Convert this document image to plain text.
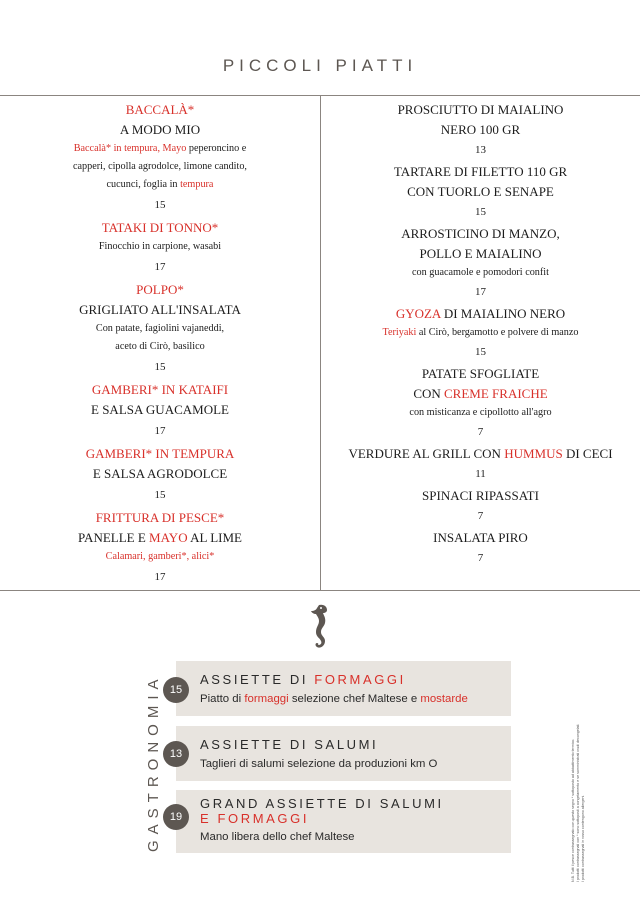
PICCOLI PIATTI
BACCALÀ*
A MODO MIO
Baccalà* in tempura, Mayo peperoncino e
capperi, cipolla agrodolce, limone candito,
cucunci, foglia in tempura
15
TATAKI DI TONNO*
Finocchio in carpione, wasabi
17
POLPO*
GRIGLIATO ALL'INSALATA
Con patate, fagiolini vajaneddi,
aceto di Cirò, basilico
15
GAMBERI* IN KATAIFI
E SALSA GUACAMOLE
17
GAMBERI* IN TEMPURA
E SALSA AGRODOLCE
15
FRITTURA DI PESCE*
PANELLE E MAYO AL LIME
Calamari, gamberi*, alici*
17
PROSCIUTTO DI MAIALINO
NERO 100 GR
13
TARTARE DI FILETTO 110 GR
CON TUORLO E SENAPE
15
ARROSTICINO DI MANZO,
POLLO E MAIALINO
con guacamole e pomodori confit
17
GYOZA DI MAIALINO NERO
Teriyaki al Cirò, bergamotto e polvere di manzo
15
PATATE SFOGLIATE
CON CREME FRAICHE
con misticanza e cipollotto all'agro
7
VERDURE AL GRILL CON HUMMUS DI CECI
11
SPINACI RIPASSATI
7
INSALATA PIRO
7
GASTRONOMIA	ASSIETTE DI FORMAGGI
Piatto di formaggi selezione chef Maltese e mostarde
15
ASSIETTE DI SALUMI
Taglieri di salumi selezione da produzioni km O
13
GRAND ASSIETTE DI SALUMI
E FORMAGGI
Mano libera dello chef Maltese
19	N.B. Tutti il pesce contrassegnato con questo segno * sottoposto ad abbattimento termico. I prodotti contrassegnati con * sono sottoposti a congelamento e se somministrati crudi decongelati. I prodotti contrassegnati in rosso contengono allergeni.
